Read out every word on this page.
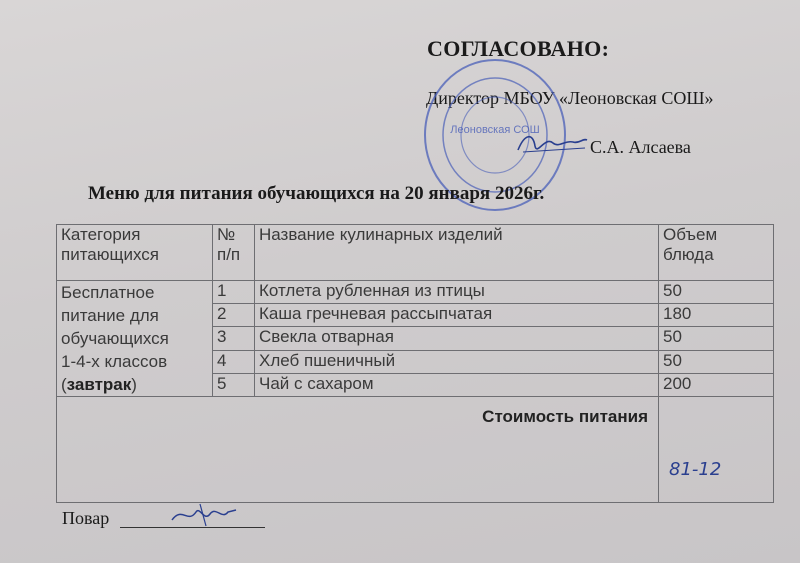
СОГЛАСОВАНО:
Директор МБОУ «Леоновская СОШ»
С.А. Алсаева
Леоновская СОШ
Меню для питания обучающихся на 20 января 2026г.
Категория питающихся	№ п/п	Название кулинарных изделий	Объем блюда
Бесплатное
питание для
обучающихся
1-4-х классов
(завтрак)	1	Котлета рубленная из птицы	50
	2	Каша гречневая рассыпчатая	180
	3	Свекла отварная	50
	4	Хлеб пшеничный	50
	5	Чай с сахаром	200
Стоимость питания			81-12
Повар
